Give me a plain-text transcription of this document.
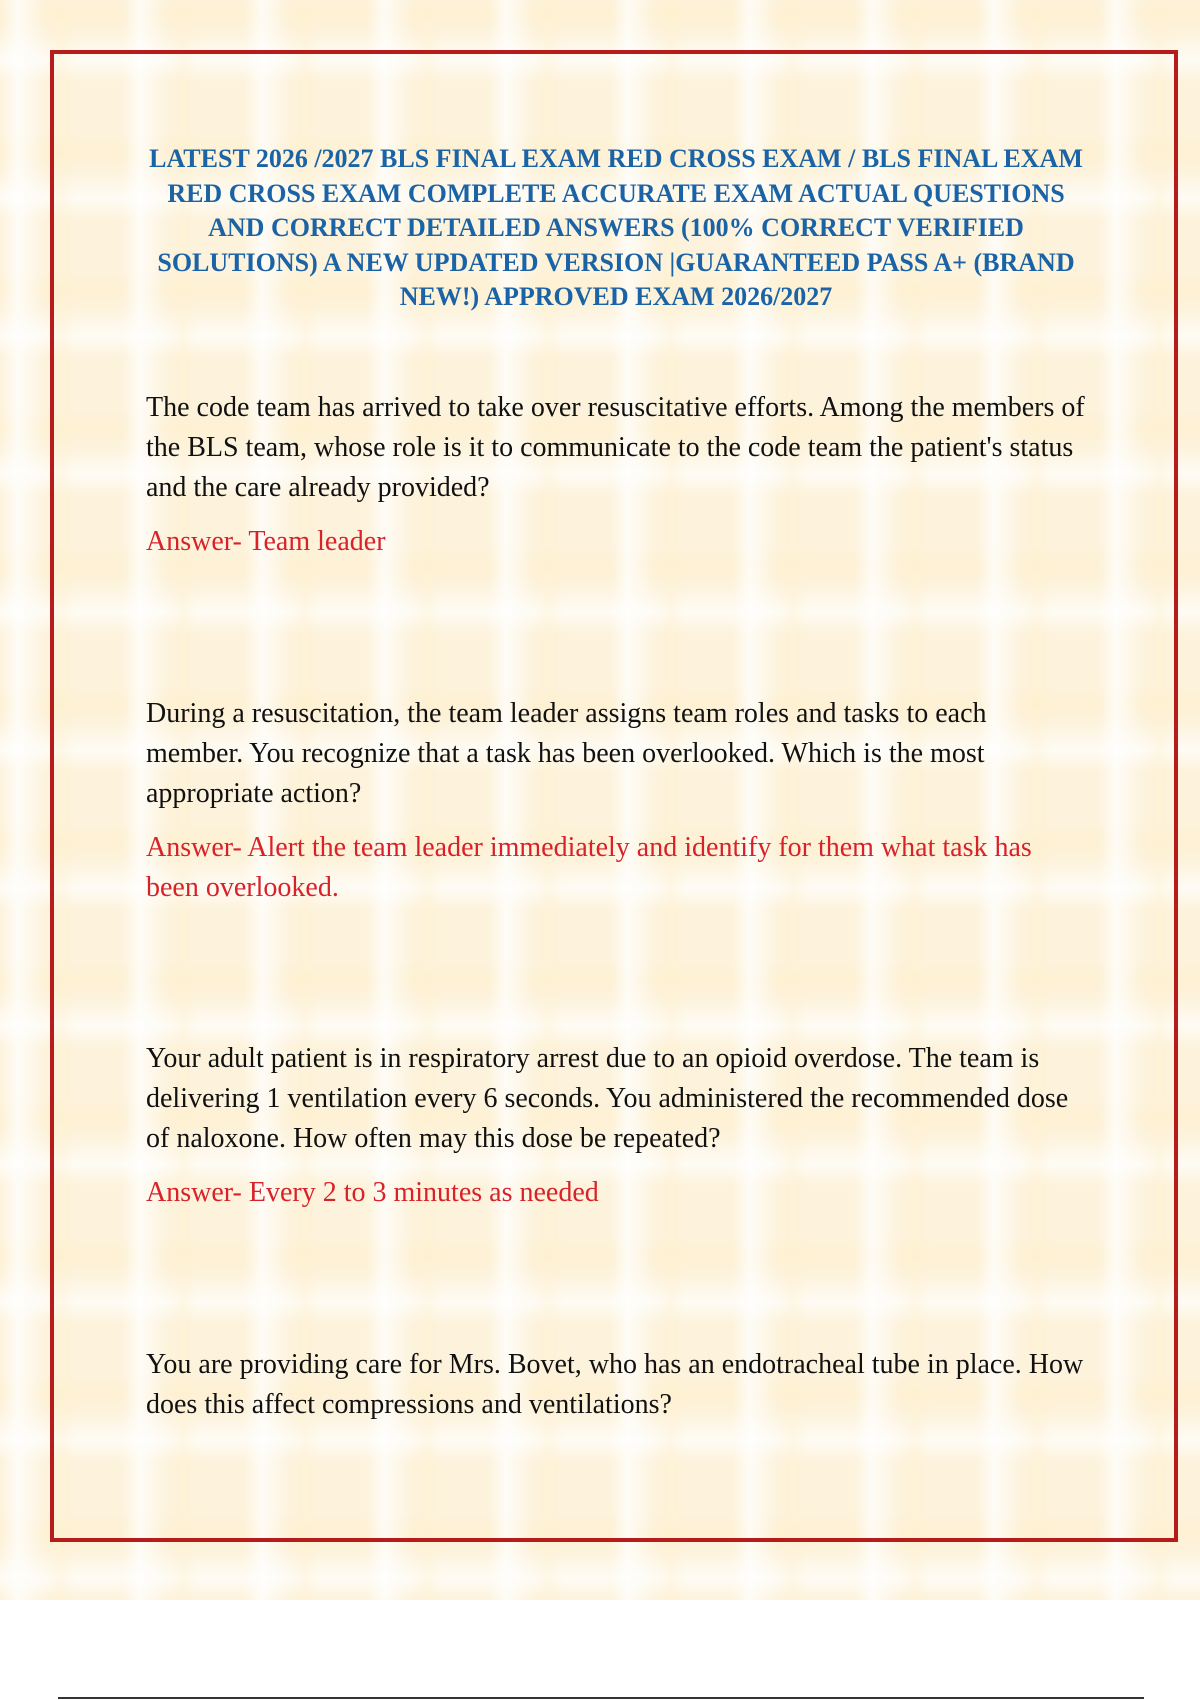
LATEST 2026 /2027 BLS FINAL EXAM RED CROSS EXAM / BLS FINAL EXAM RED CROSS EXAM COMPLETE ACCURATE EXAM ACTUAL QUESTIONS AND CORRECT DETAILED ANSWERS (100% CORRECT VERIFIED SOLUTIONS) A NEW UPDATED VERSION |GUARANTEED PASS A+ (BRAND NEW!) APPROVED EXAM 2026/2027

The code team has arrived to take over resuscitative efforts. Among the members of the BLS team, whose role is it to communicate to the code team the patient's status and the care already provided?

Answer- Team leader

During a resuscitation, the team leader assigns team roles and tasks to each member. You recognize that a task has been overlooked. Which is the most appropriate action?

Answer- Alert the team leader immediately and identify for them what task has been overlooked.

Your adult patient is in respiratory arrest due to an opioid overdose. The team is delivering 1 ventilation every 6 seconds. You administered the recommended dose of naloxone. How often may this dose be repeated?

Answer- Every 2 to 3 minutes as needed

You are providing care for Mrs. Bovet, who has an endotracheal tube in place. How does this affect compressions and ventilations?
